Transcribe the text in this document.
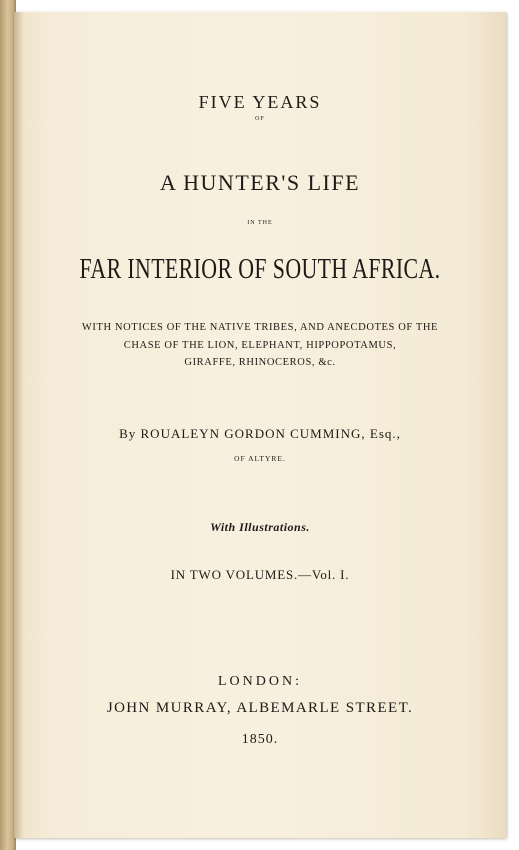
FIVE YEARS

OF

A HUNTER'S LIFE

IN THE

FAR INTERIOR OF SOUTH AFRICA.

WITH NOTICES OF THE NATIVE TRIBES, AND ANECDOTES OF THE

CHASE OF THE LION, ELEPHANT, HIPPOPOTAMUS,

GIRAFFE, RHINOCEROS, &c.

By ROUALEYN GORDON CUMMING, Esq.,

OF ALTYRE.

With Illustrations.

IN TWO VOLUMES.—Vol. I.

LONDON:

JOHN MURRAY, ALBEMARLE STREET.

1850.
